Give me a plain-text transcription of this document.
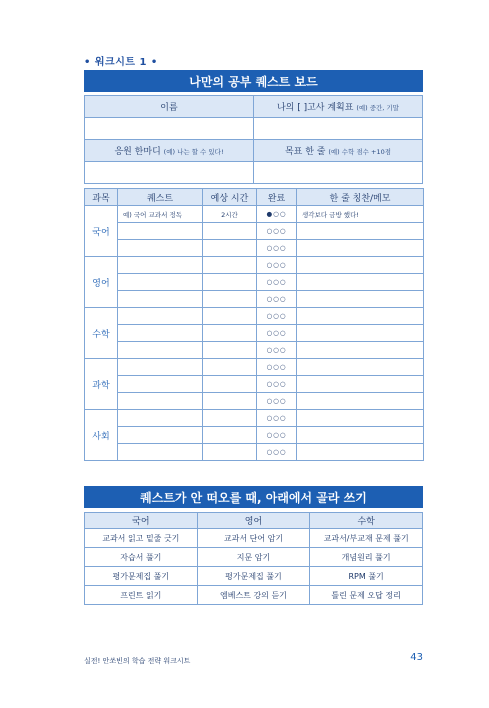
• 워크시트 1 •
나만의 공부 퀘스트 보드
이름	나의 [ ]고사 계획표 (예) 중간, 기말

응원 한마디 (예) 나는 할 수 있다!	목표 한 줄 (예) 수학 점수 +10점

과목	퀘스트	예상 시간	완료	한 줄 칭찬/메모
국어	예) 국어 교과서 정독	2시간	●○○	생각보다 금방 했다!
			○○○	
			○○○	
영어			○○○	
			○○○	
			○○○	
수학			○○○	
			○○○	
			○○○	
과학			○○○	
			○○○	
			○○○	
사회			○○○	
			○○○	
			○○○	
퀘스트가 안 떠오를 때, 아래에서 골라 쓰기
국어	영어	수학
교과서 읽고 밑줄 긋기	교과서 단어 암기	교과서/부교재 문제 풀기
자습서 풀기	지문 암기	개념원리 풀기
평가문제집 풀기	평가문제집 풀기	RPM 풀기
프린트 읽기	엠베스트 강의 듣기	틀린 문제 오답 정리
실전! 안쏘빈의 학습 전략 워크시트	43
